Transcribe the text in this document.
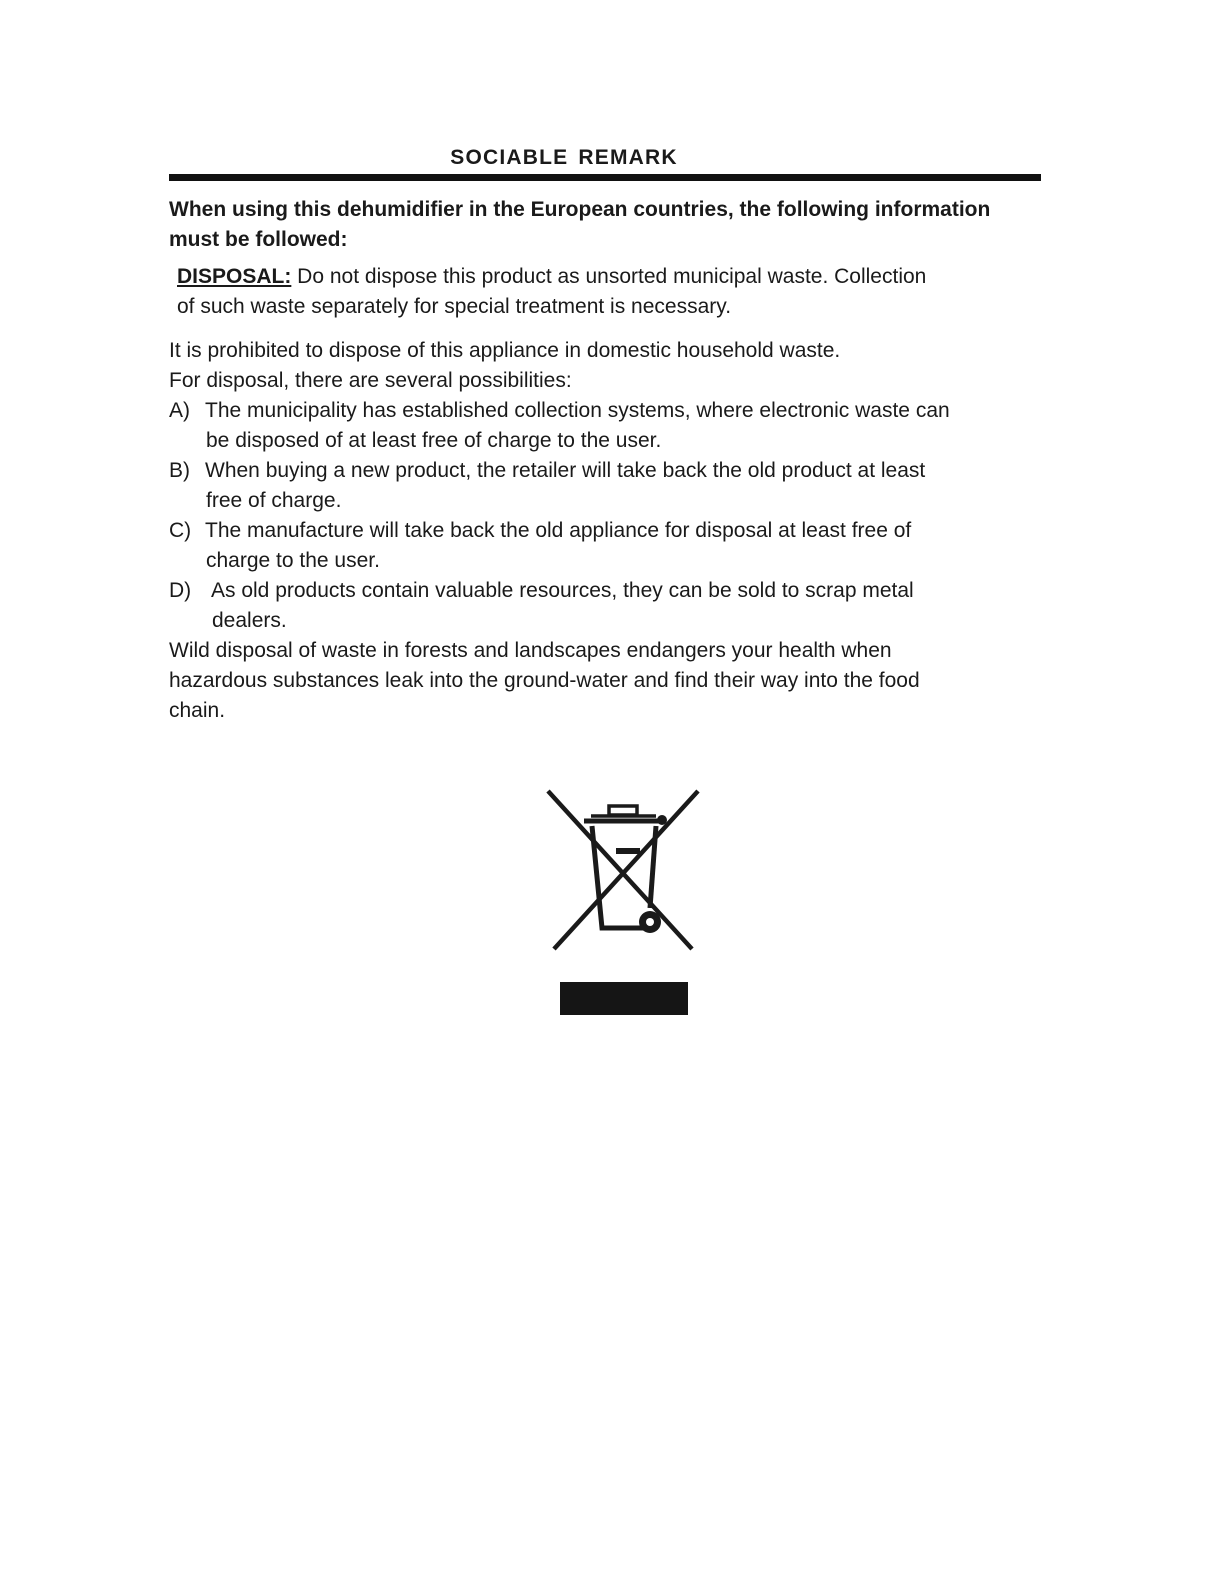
SOCIABLE REMARK
When using this dehumidifier in the European countries, the following information
must be followed:
DISPOSAL: Do not dispose this product as unsorted municipal waste. Collection
of such waste separately for special treatment is necessary.
It is prohibited to dispose of this appliance in domestic household waste.
For disposal, there are several possibilities:
A) The municipality has established collection systems, where electronic waste can
be disposed of at least free of charge to the user.
B) When buying a new product, the retailer will take back the old product at least
free of charge.
C) The manufacture will take back the old appliance for disposal at least free of
charge to the user.
D) As old products contain valuable resources, they can be sold to scrap metal
dealers.
Wild disposal of waste in forests and landscapes endangers your health when
hazardous substances leak into the ground-water and find their way into the food
chain.
